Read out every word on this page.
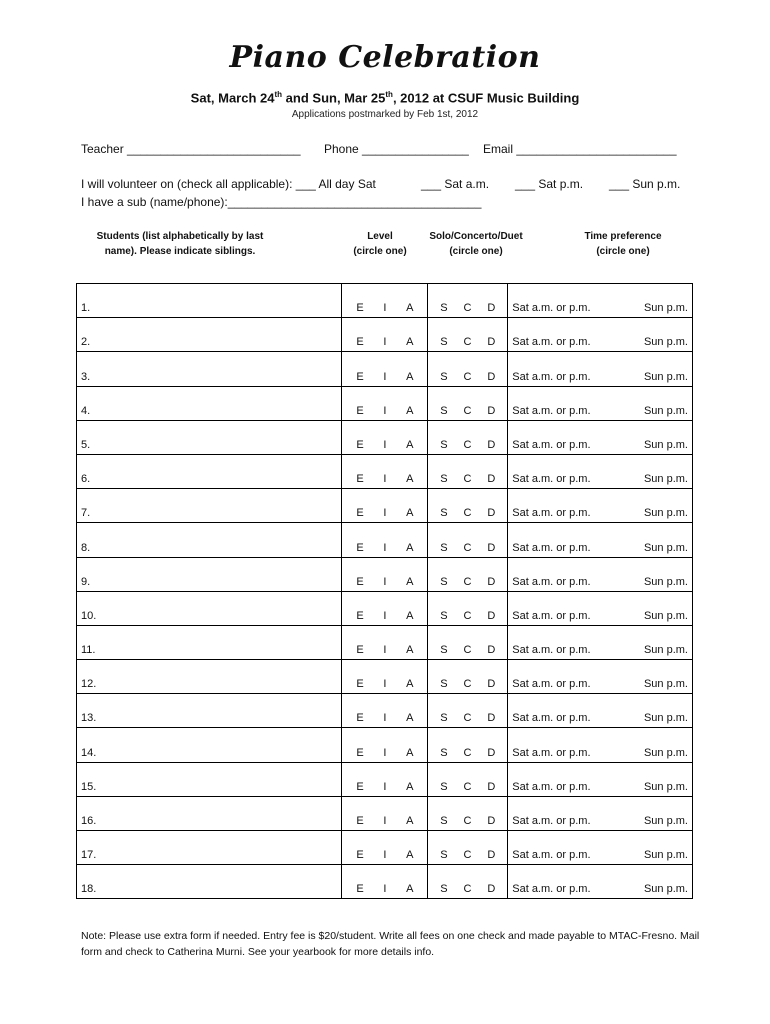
Piano Celebration
Sat, March 24th and Sun, Mar 25th, 2012 at CSUF Music Building
Applications postmarked by Feb 1st, 2012
Teacher __________________________ Phone ________________ Email ________________________
I will volunteer on (check all applicable): ___ All day Sat	___ Sat a.m. ___ Sat p.m. ___ Sun p.m.
I have a sub (name/phone):______________________________________
Students (list alphabetically by last name). Please indicate siblings.
Level
(circle one)
Solo/Concerto/Duet
(circle one)
Time preference
(circle one)
1.	E I A	S C D	Sat a.m. or p.m. Sun p.m.

2.	E I A	S C D	Sat a.m. or p.m. Sun p.m.

3.	E I A	S C D	Sat a.m. or p.m. Sun p.m.

4.	E I A	S C D	Sat a.m. or p.m. Sun p.m.

5.	E I A	S C D	Sat a.m. or p.m. Sun p.m.

6.	E I A	S C D	Sat a.m. or p.m. Sun p.m.

7.	E I A	S C D	Sat a.m. or p.m. Sun p.m.

8.	E I A	S C D	Sat a.m. or p.m. Sun p.m.

9.	E I A	S C D	Sat a.m. or p.m. Sun p.m.

10.	E I A	S C D	Sat a.m. or p.m. Sun p.m.

11.	E I A	S C D	Sat a.m. or p.m. Sun p.m.

12.	E I A	S C D	Sat a.m. or p.m. Sun p.m.

13.	E I A	S C D	Sat a.m. or p.m. Sun p.m.

14.	E I A	S C D	Sat a.m. or p.m. Sun p.m.

15.	E I A	S C D	Sat a.m. or p.m. Sun p.m.

16.	E I A	S C D	Sat a.m. or p.m. Sun p.m.

17.	E I A	S C D	Sat a.m. or p.m. Sun p.m.

18.	E I A	S C D	Sat a.m. or p.m. Sun p.m.
Note: Please use extra form if needed. Entry fee is $20/student. Write all fees on one check and made payable to MTAC-Fresno. Mail form and check to Catherina Murni. See your yearbook for more details info.
